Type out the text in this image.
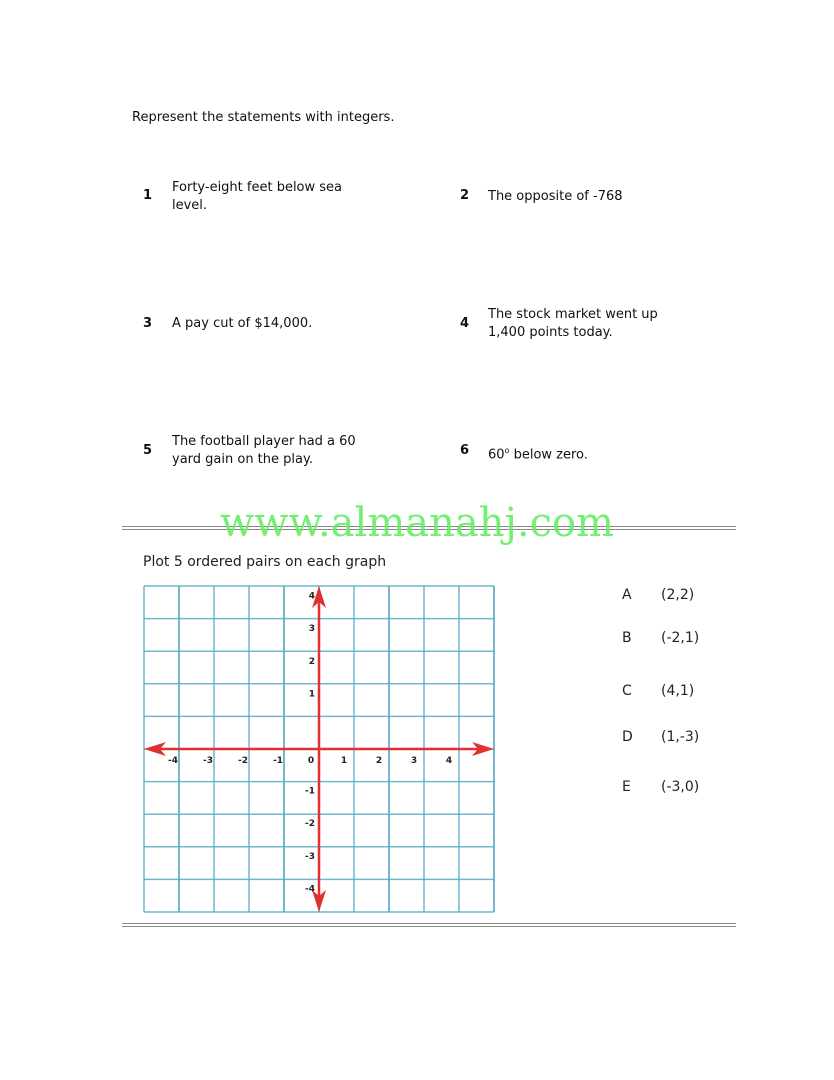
Represent the statements with integers.
1
Forty-eight feet below sea level.
2 The opposite of -768
3 A pay cut of $14,000.	4
The stock market went up 1,400 points today.
5
The football player had a 60 yard gain on the play.
6 60$^o$ below zero.
www.almanahj.com
Plot 5 ordered pairs on each graph
-4	-3	-2	-1	0	1	2	3	4
4
3
2
1
-1
-2
-3
-4
A (2,2)
B (-2,1)
C (4,1)
D (1,-3)
E (-3,0)
